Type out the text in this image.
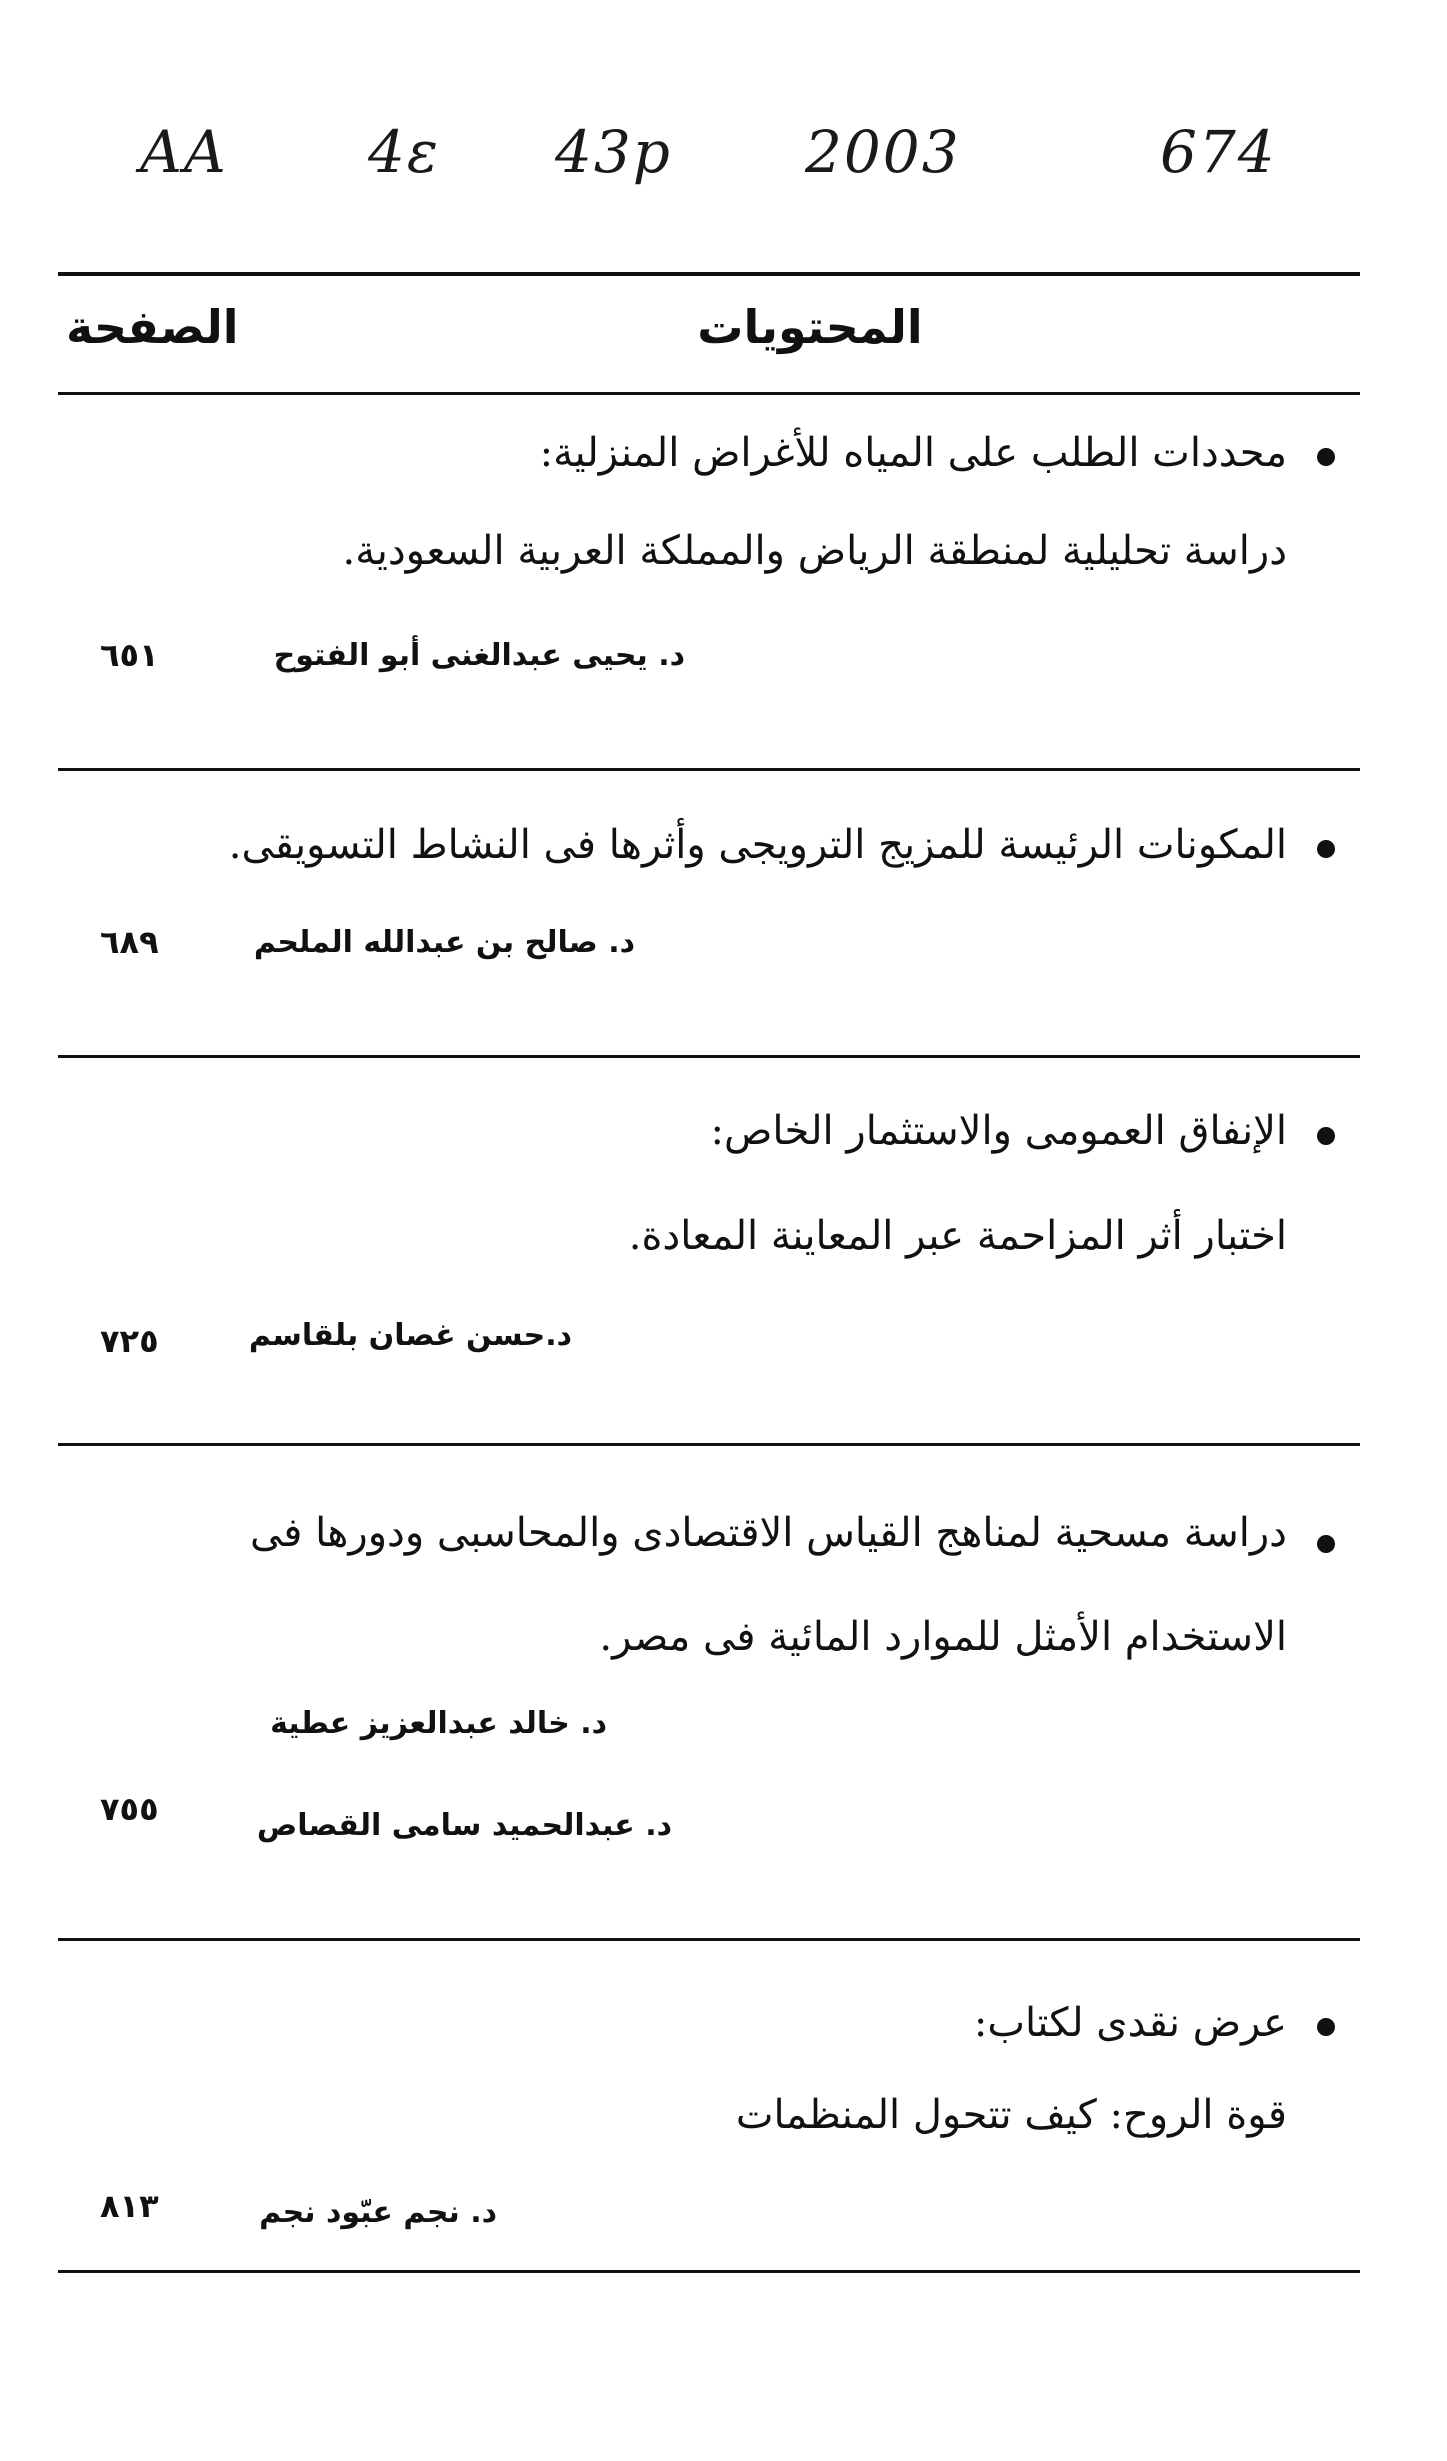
AA 4ε 43p 2003	674
الصفحة	المحتويات
محددات الطلب على المياه للأغراض المنزلية:
دراسة تحليلية لمنطقة الرياض والمملكة العربية السعودية.
د. يحيى عبدالغنى أبو الفتوح
٦٥١
المكونات الرئيسة للمزيج الترويجى وأثرها فى النشاط التسويقى.
د. صالح بن عبدالله الملحم
٦٨٩
الإنفاق العمومى والاستثمار الخاص:
اختبار أثر المزاحمة عبر المعاينة المعادة.
د.حسن غصان بلقاسم
٧٢٥
دراسة مسحية لمناهج القياس الاقتصادى والمحاسبى ودورها فى
الاستخدام الأمثل للموارد المائية فى مصر.
د. خالد عبدالعزيز عطية
د. عبدالحميد سامى القصاص
٧٥٥
عرض نقدى لكتاب:
قوة الروح: كيف تتحول المنظمات
د. نجم عبّود نجم
٨١٣
